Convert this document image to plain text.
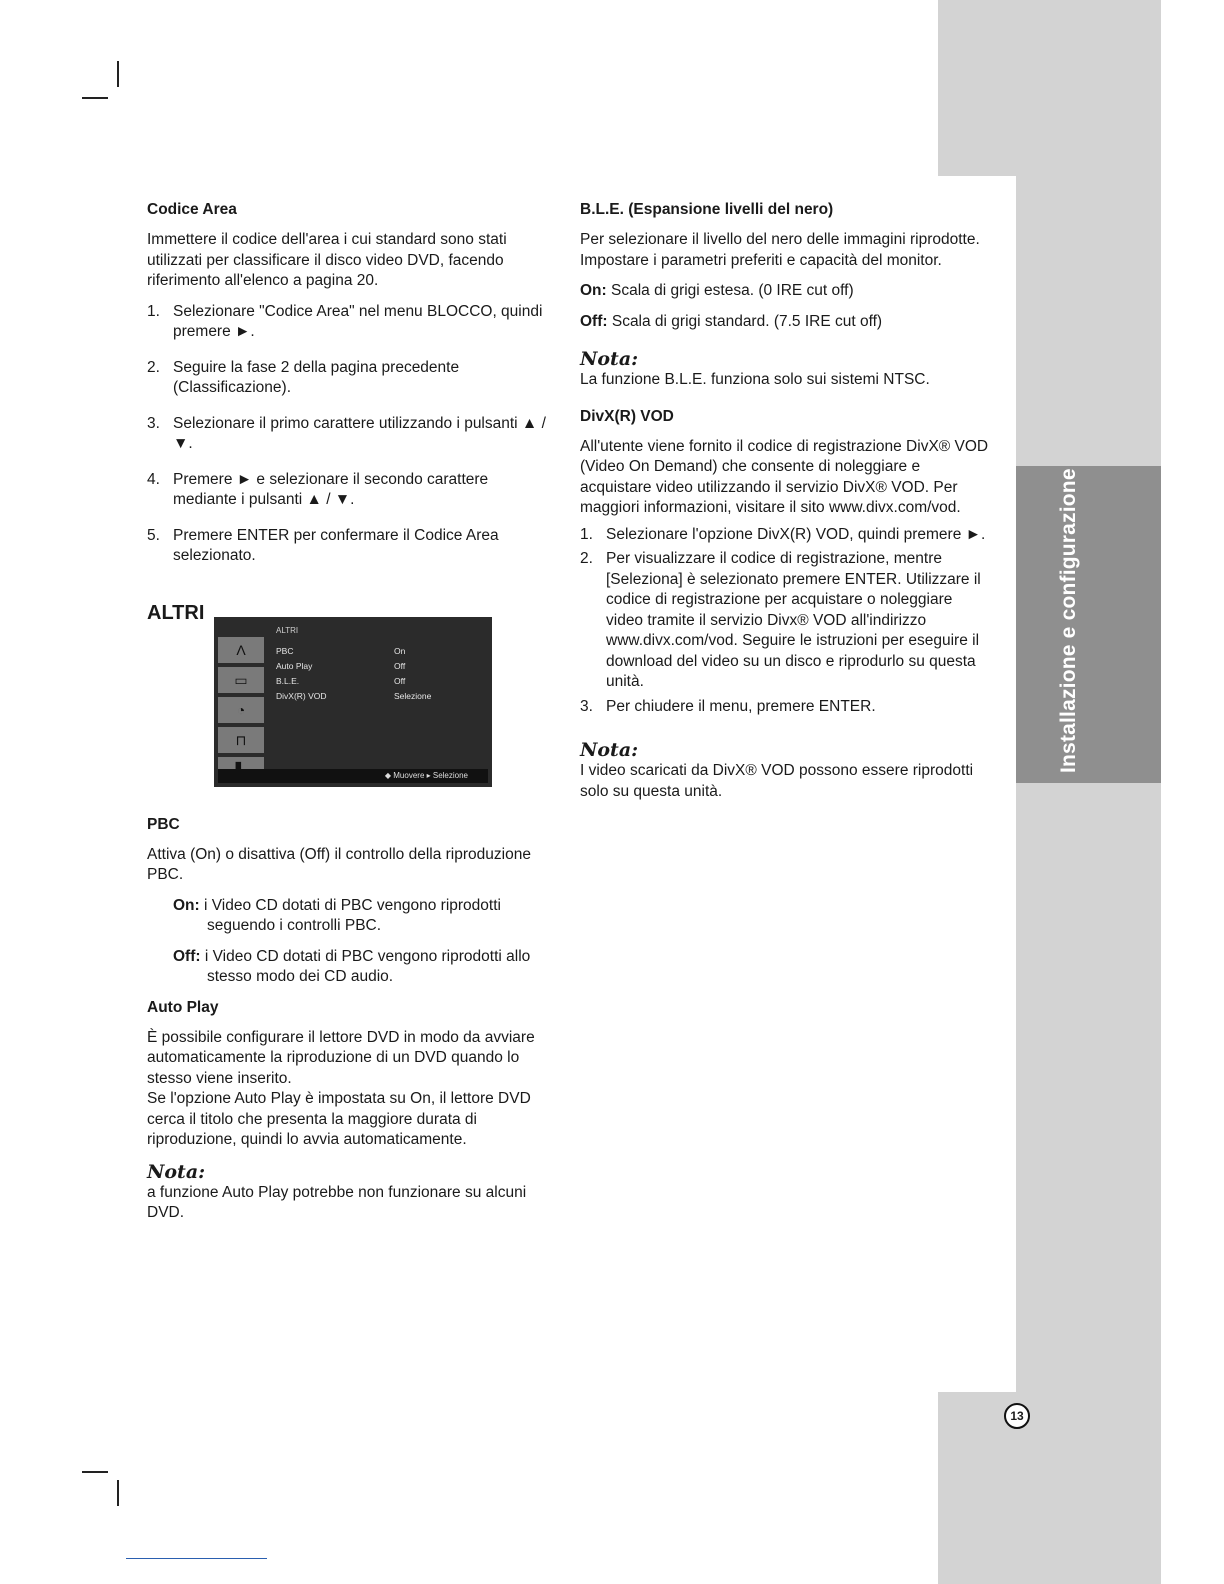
Installazione e configurazione
13
Codice Area

Immettere il codice dell'area i cui standard sono stati utilizzati per classificare il disco video DVD, facendo riferimento all'elenco a pagina 20.

1. Selezionare "Codice Area" nel menu BLOCCO, quindi premere ►.
2. Seguire la fase 2 della pagina precedente (Classificazione).
3. Selezionare il primo carattere utilizzando i pulsanti ▲ / ▼.
4. Premere ► e selezionare il secondo carattere mediante i pulsanti ▲ / ▼.
5. Premere ENTER per confermare il Codice Area selezionato.
ALTRI
ALTRI
Λ
▭
◔
⊓
PBC	On
Auto Play	Off
B.L.E.	Off
DivX(R) VOD	Selezione
◆ Muovere ▸ Selezione
PBC

Attiva (On) o disattiva (Off) il controllo della riproduzione PBC.

On: i Video CD dotati di PBC vengono riprodotti seguendo i controlli PBC.

Off: i Video CD dotati di PBC vengono riprodotti allo stesso modo dei CD audio.

Auto Play

È possibile configurare il lettore DVD in modo da avviare automaticamente la riproduzione di un DVD quando lo stesso viene inserito.

Se l'opzione Auto Play è impostata su On, il lettore DVD cerca il titolo che presenta la maggiore durata di riproduzione, quindi lo avvia automaticamente.

Nota:

a funzione Auto Play potrebbe non funzionare su alcuni DVD.

B.L.E. (Espansione livelli del nero)

Per selezionare il livello del nero delle immagini riprodotte. Impostare i parametri preferiti e capacità del monitor.

On: Scala di grigi estesa. (0 IRE cut off)

Off: Scala di grigi standard. (7.5 IRE cut off)

Nota:

La funzione B.L.E. funziona solo sui sistemi NTSC.

DivX(R) VOD

All'utente viene fornito il codice di registrazione DivX® VOD (Video On Demand) che consente di noleggiare e acquistare video utilizzando il servizio DivX® VOD. Per maggiori informazioni, visitare il sito www.divx.com/vod.

1. Selezionare l'opzione DivX(R) VOD, quindi premere ►.
2. Per visualizzare il codice di registrazione, mentre [Seleziona] è selezionato premere ENTER. Utilizzare il codice di registrazione per acquistare o noleggiare video tramite il servizio Divx® VOD all'indirizzo www.divx.com/vod. Seguire le istruzioni per eseguire il download del video su un disco e riprodurlo su questa unità.
3. Per chiudere il menu, premere ENTER.
Nota:

I video scaricati da DivX® VOD possono essere riprodotti solo su questa unità.
